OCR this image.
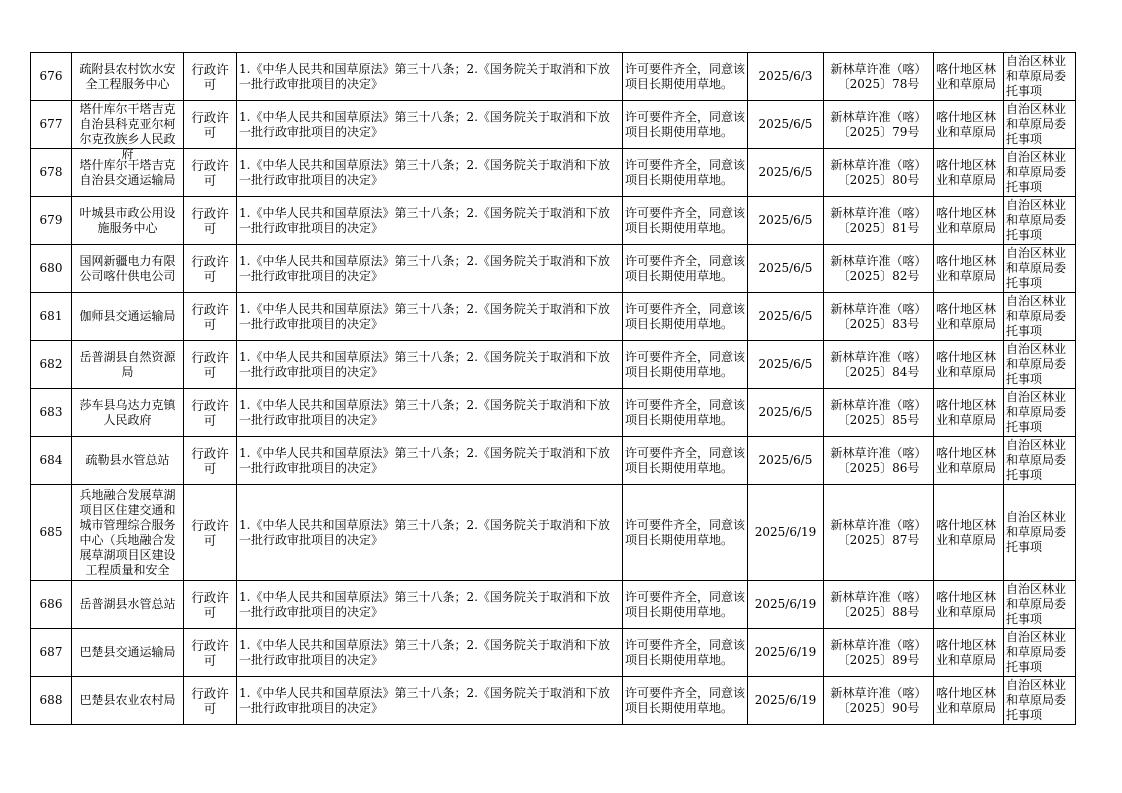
676	疏附县农村饮水安全工程服务中心	行政许可	1.《中华人民共和国草原法》第三十八条；2.《国务院关于取消和下放一批行政审批项目的决定》	许可要件齐全，同意该项目长期使用草地。	2025/6/3	新林草许准（喀）〔2025〕78号	喀什地区林业和草原局	自治区林业和草原局委托事项

677	塔什库尔干塔吉克自治县科克亚尔柯尔克孜族乡人民政府	行政许可	1.《中华人民共和国草原法》第三十八条；2.《国务院关于取消和下放一批行政审批项目的决定》	许可要件齐全，同意该项目长期使用草地。	2025/6/5	新林草许准（喀）〔2025〕79号	喀什地区林业和草原局	自治区林业和草原局委托事项

678	塔什库尔干塔吉克自治县交通运输局	行政许可	1.《中华人民共和国草原法》第三十八条；2.《国务院关于取消和下放一批行政审批项目的决定》	许可要件齐全，同意该项目长期使用草地。	2025/6/5	新林草许准（喀）〔2025〕80号	喀什地区林业和草原局	自治区林业和草原局委托事项

679	叶城县市政公用设施服务中心	行政许可	1.《中华人民共和国草原法》第三十八条；2.《国务院关于取消和下放一批行政审批项目的决定》	许可要件齐全，同意该项目长期使用草地。	2025/6/5	新林草许准（喀）〔2025〕81号	喀什地区林业和草原局	自治区林业和草原局委托事项

680	国网新疆电力有限公司喀什供电公司	行政许可	1.《中华人民共和国草原法》第三十八条；2.《国务院关于取消和下放一批行政审批项目的决定》	许可要件齐全，同意该项目长期使用草地。	2025/6/5	新林草许准（喀）〔2025〕82号	喀什地区林业和草原局	自治区林业和草原局委托事项

681	伽师县交通运输局	行政许可	1.《中华人民共和国草原法》第三十八条；2.《国务院关于取消和下放一批行政审批项目的决定》	许可要件齐全，同意该项目长期使用草地。	2025/6/5	新林草许准（喀）〔2025〕83号	喀什地区林业和草原局	自治区林业和草原局委托事项

682	岳普湖县自然资源局	行政许可	1.《中华人民共和国草原法》第三十八条；2.《国务院关于取消和下放一批行政审批项目的决定》	许可要件齐全，同意该项目长期使用草地。	2025/6/5	新林草许准（喀）〔2025〕84号	喀什地区林业和草原局	自治区林业和草原局委托事项

683	莎车县乌达力克镇人民政府	行政许可	1.《中华人民共和国草原法》第三十八条；2.《国务院关于取消和下放一批行政审批项目的决定》	许可要件齐全，同意该项目长期使用草地。	2025/6/5	新林草许准（喀）〔2025〕85号	喀什地区林业和草原局	自治区林业和草原局委托事项

684	疏勒县水管总站	行政许可	1.《中华人民共和国草原法》第三十八条；2.《国务院关于取消和下放一批行政审批项目的决定》	许可要件齐全，同意该项目长期使用草地。	2025/6/5	新林草许准（喀）〔2025〕86号	喀什地区林业和草原局	自治区林业和草原局委托事项

685	兵地融合发展草湖项目区住建交通和城市管理综合服务中心（兵地融合发展草湖项目区建设工程质量和安全	行政许可	1.《中华人民共和国草原法》第三十八条；2.《国务院关于取消和下放一批行政审批项目的决定》	许可要件齐全，同意该项目长期使用草地。	2025/6/19	新林草许准（喀）〔2025〕87号	喀什地区林业和草原局	自治区林业和草原局委托事项

686	岳普湖县水管总站	行政许可	1.《中华人民共和国草原法》第三十八条；2.《国务院关于取消和下放一批行政审批项目的决定》	许可要件齐全，同意该项目长期使用草地。	2025/6/19	新林草许准（喀）〔2025〕88号	喀什地区林业和草原局	自治区林业和草原局委托事项

687	巴楚县交通运输局	行政许可	1.《中华人民共和国草原法》第三十八条；2.《国务院关于取消和下放一批行政审批项目的决定》	许可要件齐全，同意该项目长期使用草地。	2025/6/19	新林草许准（喀）〔2025〕89号	喀什地区林业和草原局	自治区林业和草原局委托事项

688	巴楚县农业农村局	行政许可	1.《中华人民共和国草原法》第三十八条；2.《国务院关于取消和下放一批行政审批项目的决定》	许可要件齐全，同意该项目长期使用草地。	2025/6/19	新林草许准（喀）〔2025〕90号	喀什地区林业和草原局	自治区林业和草原局委托事项
